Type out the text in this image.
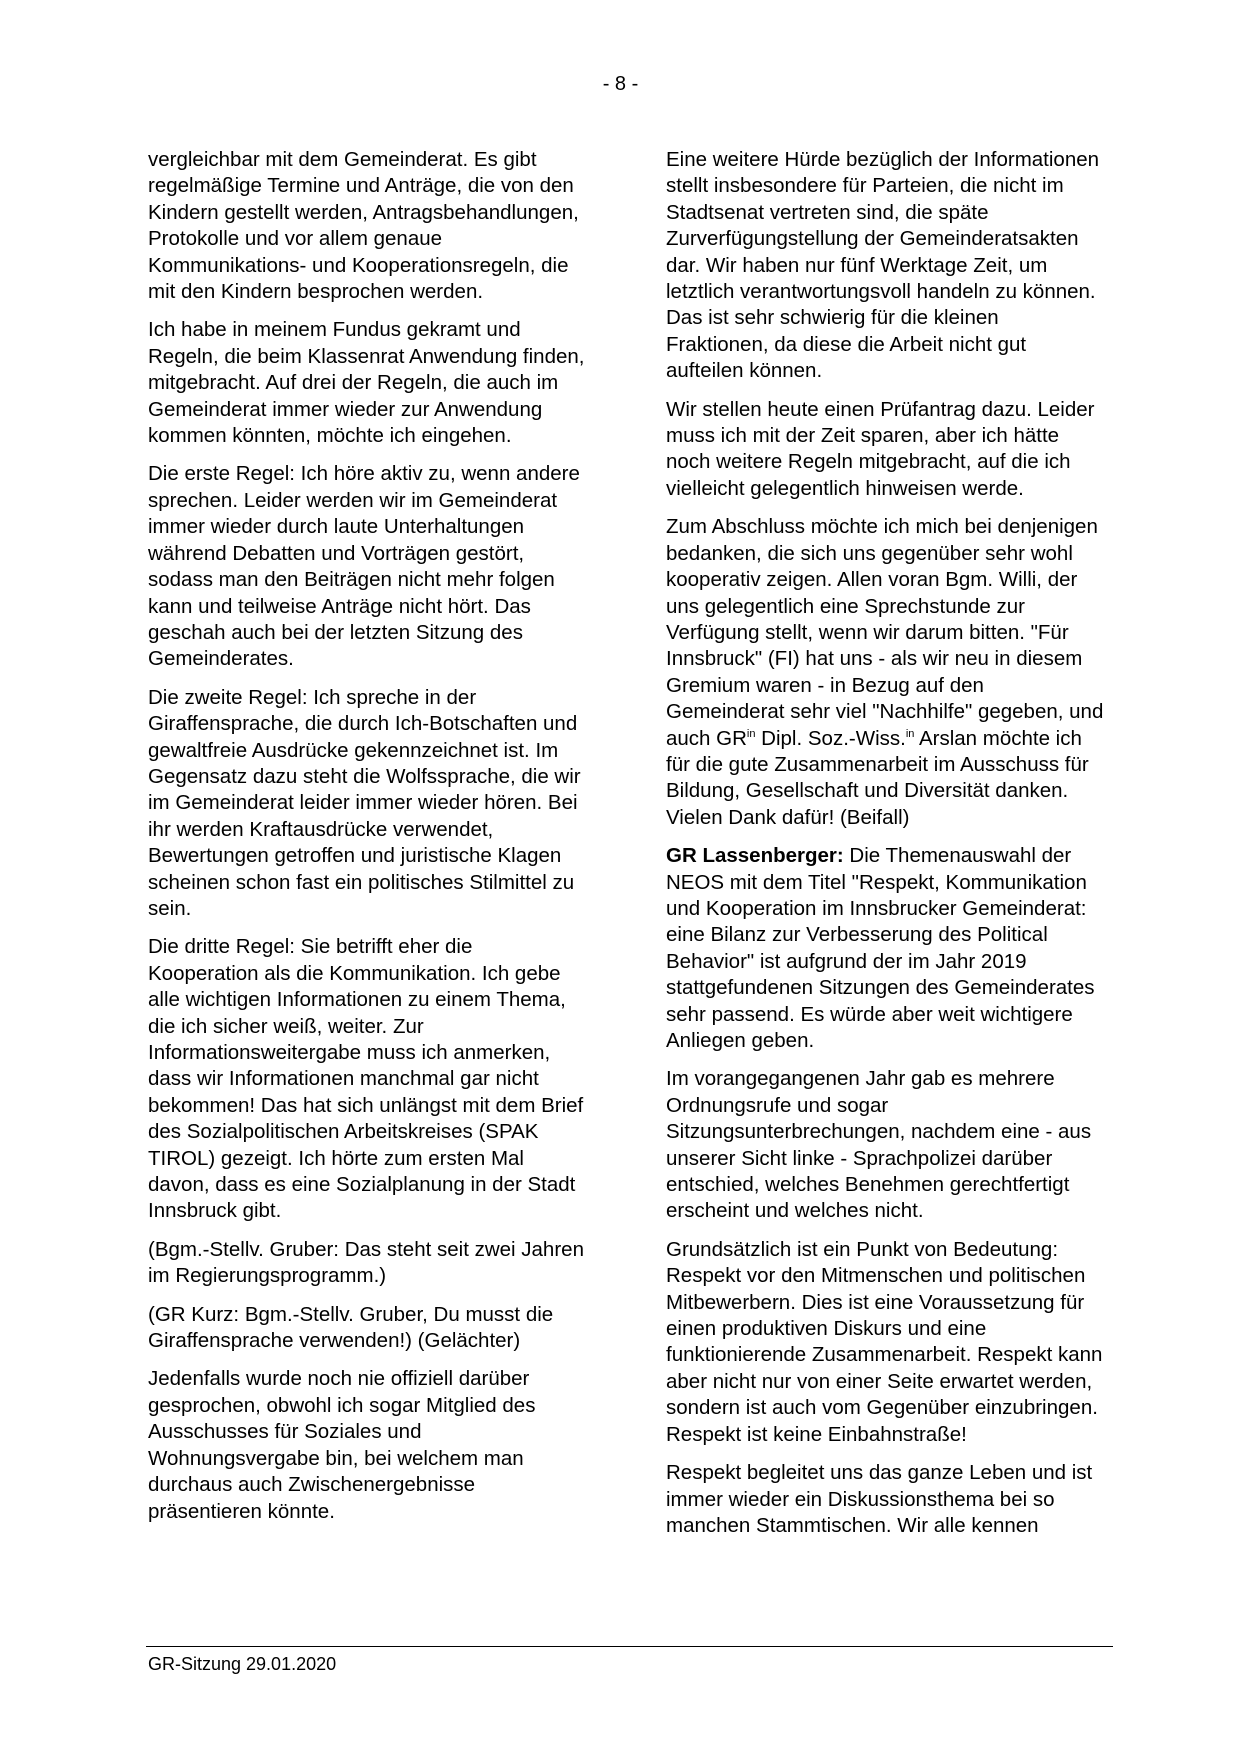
- 8 -

vergleichbar mit dem Gemeinderat. Es gibt regelmäßige Termine und Anträge, die von den Kindern gestellt werden, Antragsbehandlungen, Protokolle und vor allem genaue Kommunikations- und Kooperationsregeln, die mit den Kindern besprochen werden.

Ich habe in meinem Fundus gekramt und Regeln, die beim Klassenrat Anwendung finden, mitgebracht. Auf drei der Regeln, die auch im Gemeinderat immer wieder zur Anwendung kommen könnten, möchte ich eingehen.

Die erste Regel: Ich höre aktiv zu, wenn andere sprechen. Leider werden wir im Gemeinderat immer wieder durch laute Unterhaltungen während Debatten und Vorträgen gestört, sodass man den Beiträgen nicht mehr folgen kann und teilweise Anträge nicht hört. Das geschah auch bei der letzten Sitzung des Gemeinderates.

Die zweite Regel: Ich spreche in der Giraffensprache, die durch Ich-Botschaften und gewaltfreie Ausdrücke gekennzeichnet ist. Im Gegensatz dazu steht die Wolfssprache, die wir im Gemeinderat leider immer wieder hören. Bei ihr werden Kraftausdrücke verwendet, Bewertungen getroffen und juristische Klagen scheinen schon fast ein politisches Stilmittel zu sein.

Die dritte Regel: Sie betrifft eher die Kooperation als die Kommunikation. Ich gebe alle wichtigen Informationen zu einem Thema, die ich sicher weiß, weiter. Zur Informationsweitergabe muss ich anmerken, dass wir Informationen manchmal gar nicht bekommen! Das hat sich unlängst mit dem Brief des Sozialpolitischen Arbeitskreises (SPAK TIROL) gezeigt. Ich hörte zum ersten Mal davon, dass es eine Sozialplanung in der Stadt Innsbruck gibt.

(Bgm.-Stellv. Gruber: Das steht seit zwei Jahren im Regierungsprogramm.)

(GR Kurz: Bgm.-Stellv. Gruber, Du musst die Giraffensprache verwenden!) (Gelächter)

Jedenfalls wurde noch nie offiziell darüber gesprochen, obwohl ich sogar Mitglied des Ausschusses für Soziales und Wohnungsvergabe bin, bei welchem man durchaus auch Zwischenergebnisse präsentieren könnte.

Eine weitere Hürde bezüglich der Informationen stellt insbesondere für Parteien, die nicht im Stadtsenat vertreten sind, die späte Zurverfügungstellung der Gemeinderatsakten dar. Wir haben nur fünf Werktage Zeit, um letztlich verantwortungsvoll handeln zu können. Das ist sehr schwierig für die kleinen Fraktionen, da diese die Arbeit nicht gut aufteilen können.

Wir stellen heute einen Prüfantrag dazu. Leider muss ich mit der Zeit sparen, aber ich hätte noch weitere Regeln mitgebracht, auf die ich vielleicht gelegentlich hinweisen werde.

Zum Abschluss möchte ich mich bei denjenigen bedanken, die sich uns gegenüber sehr wohl kooperativ zeigen. Allen voran Bgm. Willi, der uns gelegentlich eine Sprechstunde zur Verfügung stellt, wenn wir darum bitten. "Für Innsbruck" (FI) hat uns - als wir neu in diesem Gremium waren - in Bezug auf den Gemeinderat sehr viel "Nachhilfe" gegeben, und auch $GR^{in}$ Dipl. Soz.-Wiss.$^{in}$ Arslan möchte ich für die gute Zusammenarbeit im Ausschuss für Bildung, Gesellschaft und Diversität danken. Vielen Dank dafür! (Beifall)

GR Lassenberger: Die Themenauswahl der NEOS mit dem Titel "Respekt, Kommunikation und Kooperation im Innsbrucker Gemeinderat: eine Bilanz zur Verbesserung des Political Behavior" ist aufgrund der im Jahr 2019 stattgefundenen Sitzungen des Gemeinderates sehr passend. Es würde aber weit wichtigere Anliegen geben.

Im vorangegangenen Jahr gab es mehrere Ordnungsrufe und sogar Sitzungsunterbrechungen, nachdem eine - aus unserer Sicht linke - Sprachpolizei darüber entschied, welches Benehmen gerechtfertigt erscheint und welches nicht.

Grundsätzlich ist ein Punkt von Bedeutung: Respekt vor den Mitmenschen und politischen Mitbewerbern. Dies ist eine Voraussetzung für einen produktiven Diskurs und eine funktionierende Zusammenarbeit. Respekt kann aber nicht nur von einer Seite erwartet werden, sondern ist auch vom Gegenüber einzubringen. Respekt ist keine Einbahnstraße!

Respekt begleitet uns das ganze Leben und ist immer wieder ein Diskussionsthema bei so manchen Stammtischen. Wir alle kennen

GR-Sitzung 29.01.2020
